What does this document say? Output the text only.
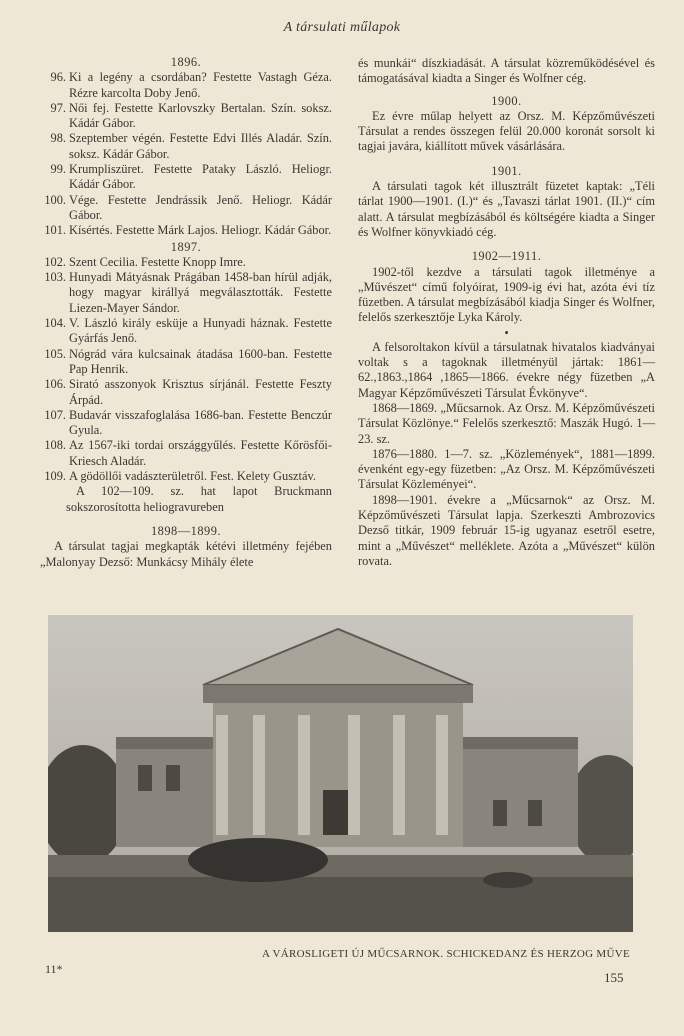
A társulati műlapok
1896.
96. Ki a legény a csordában? Festette Vastagh Géza. Rézre karcolta Doby Jenő.
97. Női fej. Festette Karlovszky Bertalan. Szín. soksz. Kádár Gábor.
98. Szeptember végén. Festette Edvi Illés Aladár. Szín. soksz. Kádár Gábor.
99. Krumpliszüret. Festette Pataky László. Heliogr. Kádár Gábor.
100. Vége. Festette Jendrássik Jenő. Heliogr. Kádár Gábor.
101. Kísértés. Festette Márk Lajos. Heliogr. Kádár Gábor.
1897.
102. Szent Cecilia. Festette Knopp Imre.
103. Hunyadi Mátyásnak Prágában 1458-ban hírül adják, hogy magyar királlyá megválasztották. Festette Liezen-Mayer Sándor.
104. V. László király esküje a Hunyadi háznak. Festette Gyárfás Jenő.
105. Nógrád vára kulcsainak átadása 1600-ban. Festette Pap Henrik.
106. Sirató asszonyok Krisztus sírjánál. Festette Feszty Árpád.
107. Budavár visszafoglalása 1686-ban. Festette Benczúr Gyula.
108. Az 1567-iki tordai országgyűlés. Festette Kőrösfői-Kriesch Aladár.
109. A gödöllői vadászterületről. Fest. Kelety Gusztáv.
A 102—109. sz. hat lapot Bruckmann sokszorosította heliogravureben
1898—1899.

A társulat tagjai megkapták kétévi illetmény fejében „Malonyay Dezső: Munkácsy Mihály élete

és munkái“ díszkiadását. A társulat közreműködésével és támogatásával kiadta a Singer és Wolfner cég.

1900.

Ez évre műlap helyett az Orsz. M. Képzőművészeti Társulat a rendes összegen felül 20.000 koronát sorsolt ki tagjai javára, kiállított művek vásárlására.

1901.

A társulati tagok két illusztrált füzetet kaptak: „Téli tárlat 1900—1901. (I.)“ és „Tavaszi tárlat 1901. (II.)“ cím alatt. A társulat megbízásából és költségére kiadta a Singer és Wolfner könyvkiadó cég.

1902—1911.

1902-től kezdve a társulati tagok illetménye a „Művészet“ című folyóirat, 1909-ig évi hat, azóta évi tíz füzetben. A társulat megbízásából kiadja Singer és Wolfner, felelős szerkesztője Lyka Károly.

•

A felsoroltakon kívül a társulatnak hivatalos kiadványai voltak s a tagoknak illetményül jártak: 1861—62.,1863.,1864 ,1865—1866. évekre négy füzetben „A Magyar Képzőművészeti Társulat Évkönyve“.

1868—1869. „Műcsarnok. Az Orsz. M. Képzőművészeti Társulat Közlönye.“ Felelős szerkesztő: Maszák Hugó. 1—23. sz.

1876—1880. 1—7. sz. „Közlemények“, 1881—1899. évenként egy-egy füzetben: „Az Orsz. M. Képzőművészeti Társulat Közleményei“.

1898—1901. évekre a „Műcsarnok“ az Orsz. M. Képzőművészeti Társulat lapja. Szerkeszti Ambrozovics Dezső titkár, 1909 február 15-ig ugyanaz esetről esetre, mint a „Művészet“ melléklete. Azóta a „Művészet“ külön rovata.

A VÁROSLIGETI ÚJ MŰCSARNOK. SCHICKEDANZ ÉS HERZOG MŰVE
11*
155
